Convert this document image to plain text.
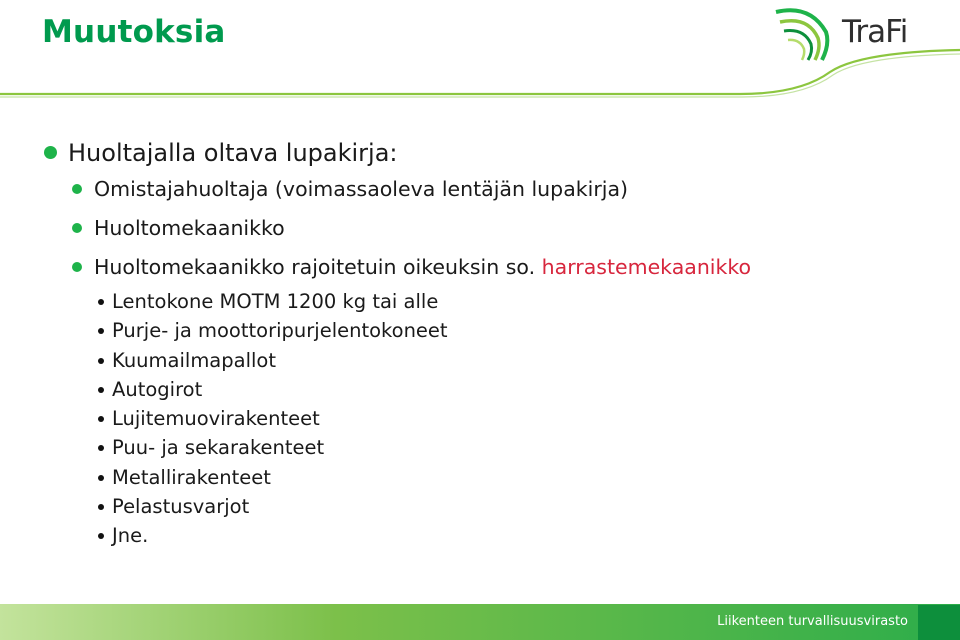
Muutoksia	TraFi
Huoltajalla oltava lupakirja:
Omistajahuoltaja (voimassaoleva lentäjän lupakirja)
Huoltomekaanikko
Huoltomekaanikko rajoitetuin oikeuksin so. harrastemekaanikko
Lentokone MOTM 1200 kg tai alle
Purje- ja moottoripurjelentokoneet
Kuumailmapallot
Autogirot
Lujitemuovirakenteet
Puu- ja sekarakenteet
Metallirakenteet
Pelastusvarjot
Jne.
Liikenteen turvallisuusvirasto
